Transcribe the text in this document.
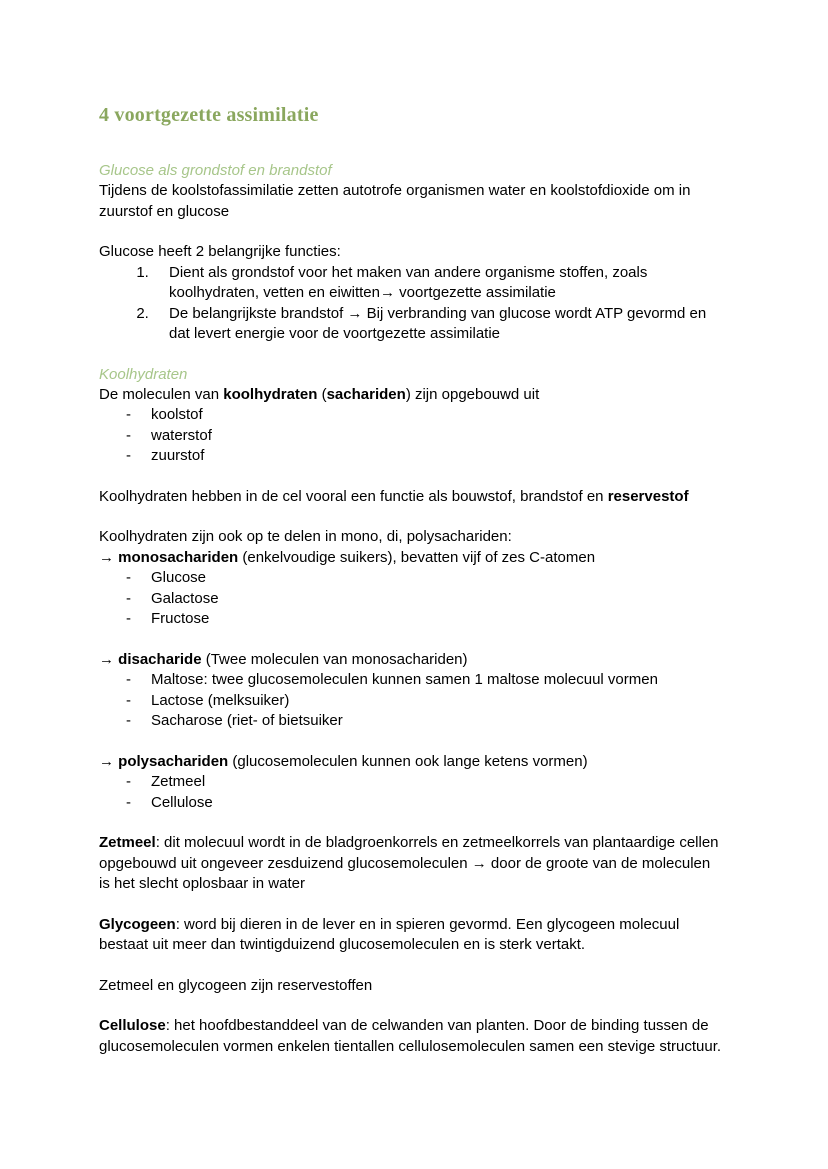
4 voortgezette assimilatie

Glucose als grondstof en brandstof

Tijdens de koolstofassimilatie zetten autotrofe organismen water en koolstofdioxide om in zuurstof en glucose

Glucose heeft 2 belangrijke functies:

1. Dient als grondstof voor het maken van andere organisme stoffen, zoals koolhydraten, vetten en eiwitten→ voortgezette assimilatie
2. De belangrijkste brandstof → Bij verbranding van glucose wordt ATP gevormd en dat levert energie voor de voortgezette assimilatie

Koolhydraten

De moleculen van koolhydraten (sachariden) zijn opgebouwd uit

- koolstof
- waterstof
- zuurstof

Koolhydraten hebben in de cel vooral een functie als bouwstof, brandstof en reservestof

Koolhydraten zijn ook op te delen in mono, di, polysachariden:

→ monosachariden (enkelvoudige suikers), bevatten vijf of zes C-atomen

- Glucose
- Galactose
- Fructose

→ disacharide (Twee moleculen van monosachariden)

- Maltose: twee glucosemoleculen kunnen samen 1 maltose molecuul vormen
- Lactose (melksuiker)
- Sacharose (riet- of bietsuiker

→ polysachariden (glucosemoleculen kunnen ook lange ketens vormen)

- Zetmeel
- Cellulose

Zetmeel: dit molecuul wordt in de bladgroenkorrels en zetmeelkorrels van plantaardige cellen opgebouwd uit ongeveer zesduizend glucosemoleculen → door de groote van de moleculen is het slecht oplosbaar in water

Glycogeen: word bij dieren in de lever en in spieren gevormd. Een glycogeen molecuul bestaat uit meer dan twintigduizend glucosemoleculen en is sterk vertakt.

Zetmeel en glycogeen zijn reservestoffen

Cellulose: het hoofdbestanddeel van de celwanden van planten. Door de binding tussen de glucosemoleculen vormen enkelen tientallen cellulosemoleculen samen een stevige structuur.
